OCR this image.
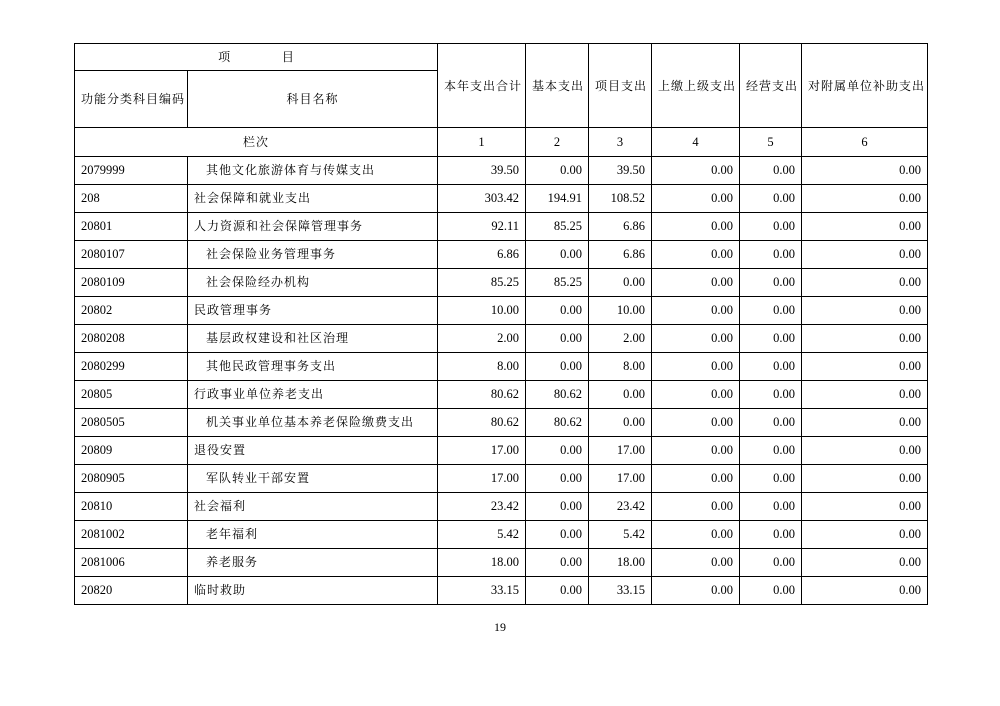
项 目		本年支出合计	基本支出	项目支出	上缴上级支出	经营支出	对附属单位补助支出
功能分类科目编码	科目名称						
栏次		1	2	3	4	5	6
2079999	其他文化旅游体育与传媒支出	39.50	0.00	39.50	0.00	0.00	0.00
208	社会保障和就业支出	303.42	194.91	108.52	0.00	0.00	0.00
20801	人力资源和社会保障管理事务	92.11	85.25	6.86	0.00	0.00	0.00
2080107	社会保险业务管理事务	6.86	0.00	6.86	0.00	0.00	0.00
2080109	社会保险经办机构	85.25	85.25	0.00	0.00	0.00	0.00
20802	民政管理事务	10.00	0.00	10.00	0.00	0.00	0.00
2080208	基层政权建设和社区治理	2.00	0.00	2.00	0.00	0.00	0.00
2080299	其他民政管理事务支出	8.00	0.00	8.00	0.00	0.00	0.00
20805	行政事业单位养老支出	80.62	80.62	0.00	0.00	0.00	0.00
2080505	机关事业单位基本养老保险缴费支出	80.62	80.62	0.00	0.00	0.00	0.00
20809	退役安置	17.00	0.00	17.00	0.00	0.00	0.00
2080905	军队转业干部安置	17.00	0.00	17.00	0.00	0.00	0.00
20810	社会福利	23.42	0.00	23.42	0.00	0.00	0.00
2081002	老年福利	5.42	0.00	5.42	0.00	0.00	0.00
2081006	养老服务	18.00	0.00	18.00	0.00	0.00	0.00
20820	临时救助	33.15	0.00	33.15	0.00	0.00	0.00
19
